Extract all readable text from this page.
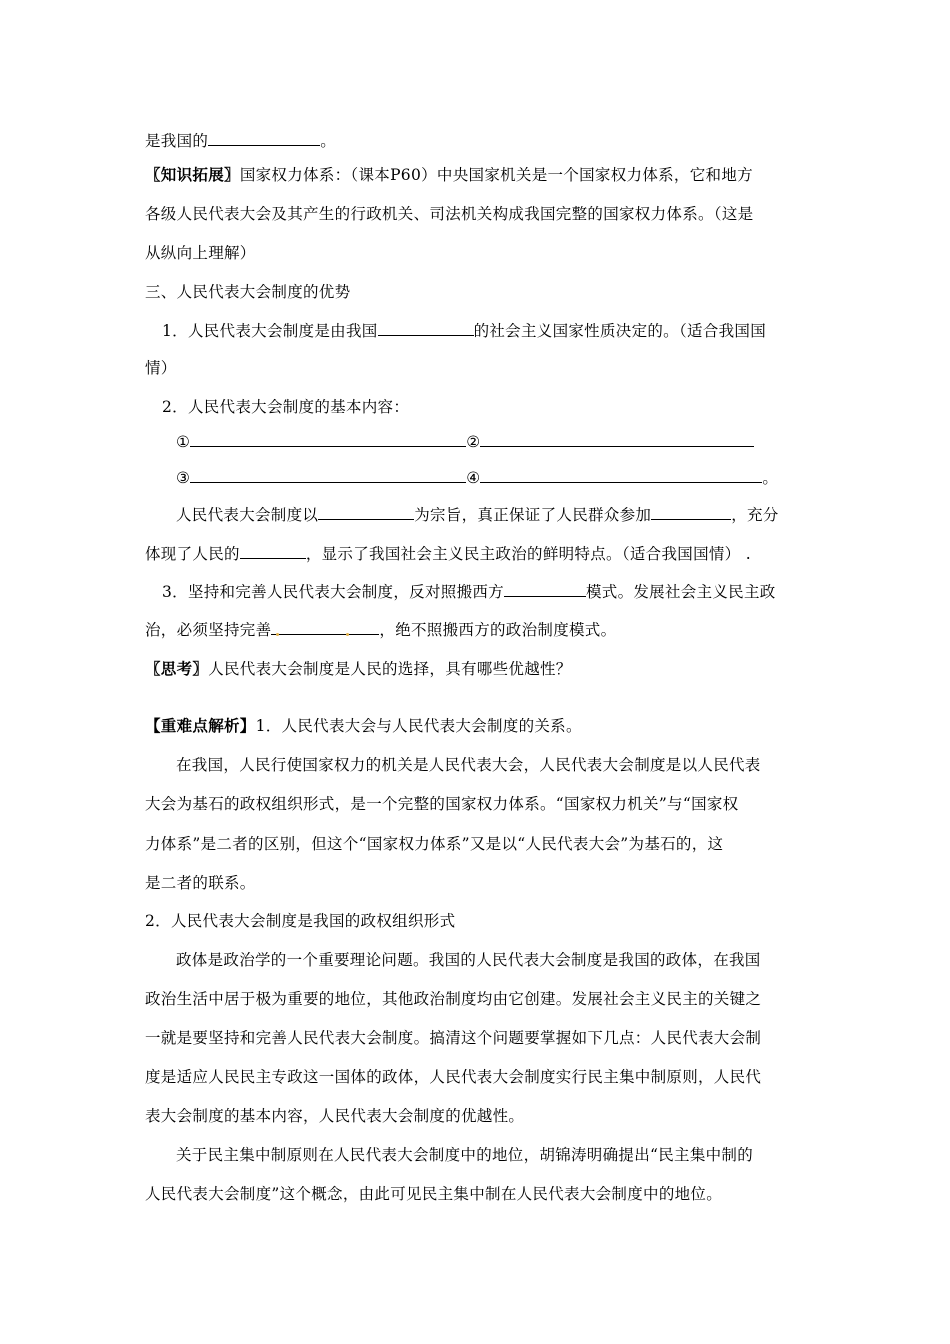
是我国的	。
〖知识拓展〗国家权力体系：（课本P60）中央国家机关是一个国家权力体系，它和地方
各级人民代表大会及其产生的行政机关、司法机关构成我国完整的国家权力体系。（这是
从纵向上理解）
三、人民代表大会制度的优势
1．人民代表大会制度是由我国	的社会主义国家性质决定的。（适合我国国
情）
2．人民代表大会制度的基本内容：
①	②
③	④	。
人民代表大会制度以	为宗旨，真正保证了人民群众参加	，充分
体现了人民的	，显示了我国社会主义民主政治的鲜明特点。（适合我国国情） .
3．坚持和完善人民代表大会制度，反对照搬西方	模式。发展社会主义民主政
治，必须坚持完善	，绝不照搬西方的政治制度模式。
〖思考〗人民代表大会制度是人民的选择，具有哪些优越性？
【重难点解析】1．人民代表大会与人民代表大会制度的关系。
在我国，人民行使国家权力的机关是人民代表大会，人民代表大会制度是以人民代表
大会为基石的政权组织形式，是一个完整的国家权力体系。“国家权力机关”与“国家权
力体系”是二者的区别，但这个“国家权力体系”又是以“人民代表大会”为基石的，这
是二者的联系。
2．人民代表大会制度是我国的政权组织形式
政体是政治学的一个重要理论问题。我国的人民代表大会制度是我国的政体，在我国
政治生活中居于极为重要的地位，其他政治制度均由它创建。发展社会主义民主的关键之
一就是要坚持和完善人民代表大会制度。搞清这个问题要掌握如下几点：人民代表大会制
度是适应人民民主专政这一国体的政体，人民代表大会制度实行民主集中制原则，人民代
表大会制度的基本内容，人民代表大会制度的优越性。
关于民主集中制原则在人民代表大会制度中的地位，胡锦涛明确提出“民主集中制的
人民代表大会制度”这个概念，由此可见民主集中制在人民代表大会制度中的地位。
